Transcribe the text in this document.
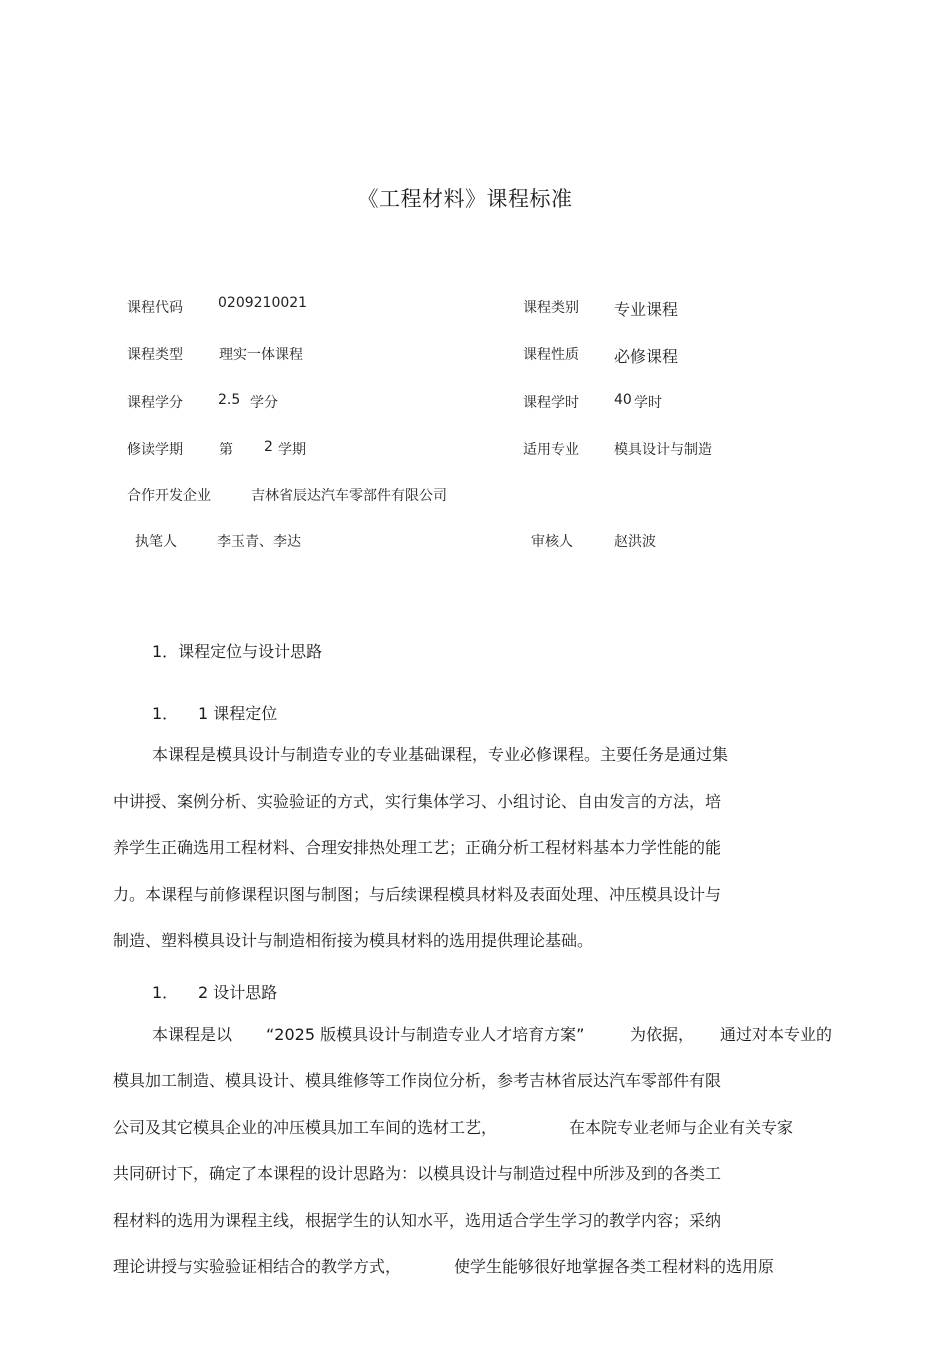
《工程材料》课程标准
课程代码	0209210021	课程类别 专业课程
课程类型	理实一体课程	课程性质 必修课程
课程学分	2.5 学分	课程学时	40 学时
修读学期	第 2 学期	适用专业	模具设计与制造
合作开发企业	吉林省辰达汽车零部件有限公司
执笔人	李玉青、李达	审核人	赵洪波
1．课程定位与设计思路
1． 1 课程定位
本课程是模具设计与制造专业的专业基础课程，专业必修课程。主要任务是通过集
中讲授、案例分析、实验验证的方式，实行集体学习、小组讨论、自由发言的方法，培
养学生正确选用工程材料、合理安排热处理工艺；正确分析工程材料基本力学性能的能
力。本课程与前修课程识图与制图；与后续课程模具材料及表面处理、冲压模具设计与
制造、塑料模具设计与制造相衔接为模具材料的选用提供理论基础。
1． 2 设计思路
本课程是以 “2025 版模具设计与制造专业人才培育方案”	为依据， 通过对本专业的
模具加工制造、模具设计、模具维修等工作岗位分析，参考吉林省辰达汽车零部件有限
公司及其它模具企业的冲压模具加工车间的选材工艺，	在本院专业老师与企业有关专家
共同研讨下，确定了本课程的设计思路为：以模具设计与制造过程中所涉及到的各类工
程材料的选用为课程主线，根据学生的认知水平，选用适合学生学习的教学内容；采纳
理论讲授与实验验证相结合的教学方式，	使学生能够很好地掌握各类工程材料的选用原
